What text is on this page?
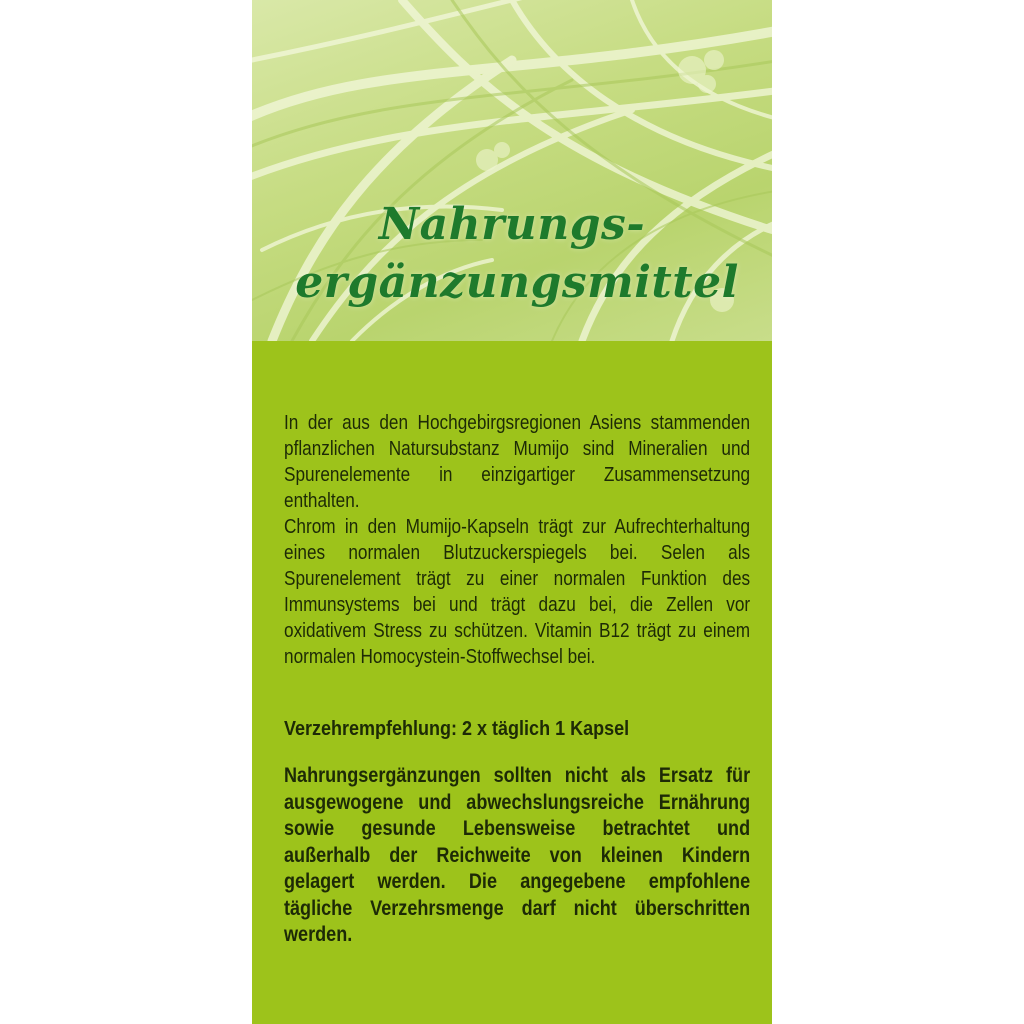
Nahrungs-
ergänzungsmittel

In der aus den Hochgebirgsregionen Asiens stammenden pflanzlichen Natursubstanz Mumijo sind Mineralien und Spurenelemente in einzigartiger Zusammensetzung enthalten.
Chrom in den Mumijo-Kapseln trägt zur Aufrechterhaltung eines normalen Blutzuckerspiegels bei. Selen als Spurenelement trägt zu einer normalen Funktion des Immunsystems bei und trägt dazu bei, die Zellen vor oxidativem Stress zu schützen. Vitamin B12 trägt zu einem normalen Homocystein-Stoffwechsel bei.

Verzehrempfehlung: 2 x täglich 1 Kapsel

Nahrungsergänzungen sollten nicht als Ersatz für ausgewogene und abwechslungsreiche Ernährung sowie gesunde Lebensweise betrachtet und außerhalb der Reichweite von kleinen Kindern gelagert werden. Die angegebene empfohlene tägliche Verzehrsmenge darf nicht überschritten werden.
